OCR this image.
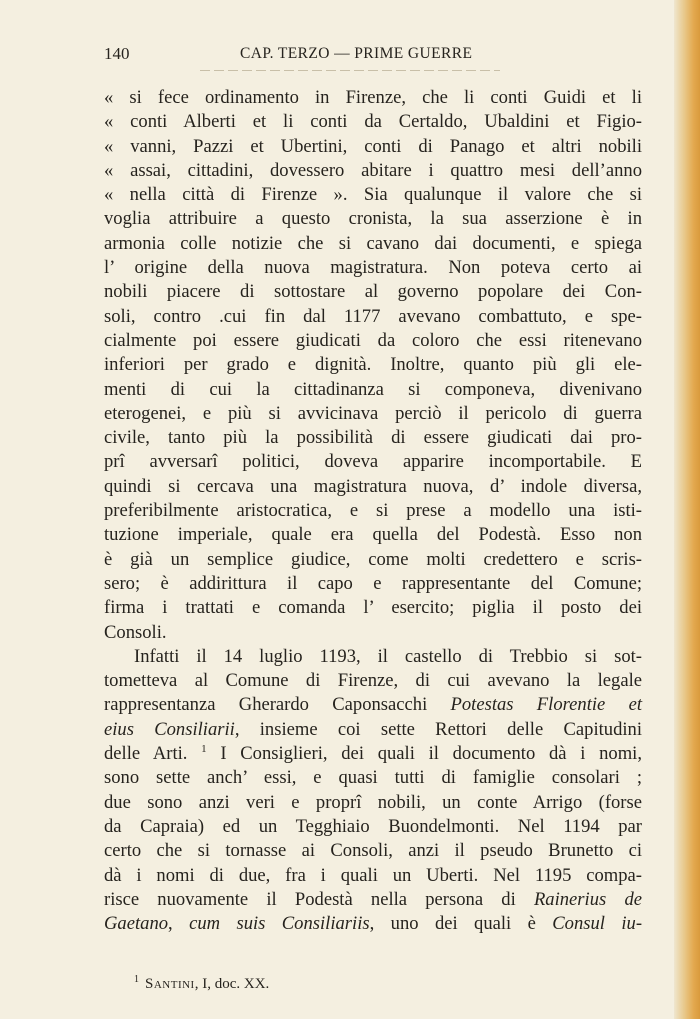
140	CAP. TERZO — PRIME GUERRE
« si fece ordinamento in Firenze, che li conti Guidi et li
« conti Alberti et li conti da Certaldo, Ubaldini et Figio-
« vanni, Pazzi et Ubertini, conti di Panago et altri nobili
« assai, cittadini, dovessero abitare i quattro mesi dell’anno
« nella città di Firenze ». Sia qualunque il valore che si
voglia attribuire a questo cronista, la sua asserzione è in
armonia colle notizie che si cavano dai documenti, e spiega
l’ origine della nuova magistratura. Non poteva certo ai
nobili piacere di sottostare al governo popolare dei Con-
soli, contro .cui fin dal 1177 avevano combattuto, e spe-
cialmente poi essere giudicati da coloro che essi ritenevano
inferiori per grado e dignità. Inoltre, quanto più gli ele-
menti di cui la cittadinanza si componeva, divenivano
eterogenei, e più si avvicinava perciò il pericolo di guerra
civile, tanto più la possibilità di essere giudicati dai pro-
prî avversarî politici, doveva apparire incomportabile. E
quindi si cercava una magistratura nuova, d’ indole diversa,
preferibilmente aristocratica, e si prese a modello una isti-
tuzione imperiale, quale era quella del Podestà. Esso non
è già un semplice giudice, come molti credettero e scris-
sero; è addirittura il capo e rappresentante del Comune;
firma i trattati e comanda l’ esercito; piglia il posto dei
Consoli.
Infatti il 14 luglio 1193, il castello di Trebbio si sot-
tometteva al Comune di Firenze, di cui avevano la legale
rappresentanza Gherardo Caponsacchi Potestas Florentie et
eius Consiliarii, insieme coi sette Rettori delle Capitudini
delle Arti. $^1$ I Consiglieri, dei quali il documento dà i nomi,
sono sette anch’ essi, e quasi tutti di famiglie consolari ;
due sono anzi veri e proprî nobili, un conte Arrigo (forse
da Capraia) ed un Tegghiaio Buondelmonti. Nel 1194 par
certo che si tornasse ai Consoli, anzi il pseudo Brunetto ci
dà i nomi di due, fra i quali un Uberti. Nel 1195 compa-
risce nuovamente il Podestà nella persona di Rainerius de
Gaetano, cum suis Consiliariis, uno dei quali è Consul iu-
$^1$ Santini, I, doc. XX.
